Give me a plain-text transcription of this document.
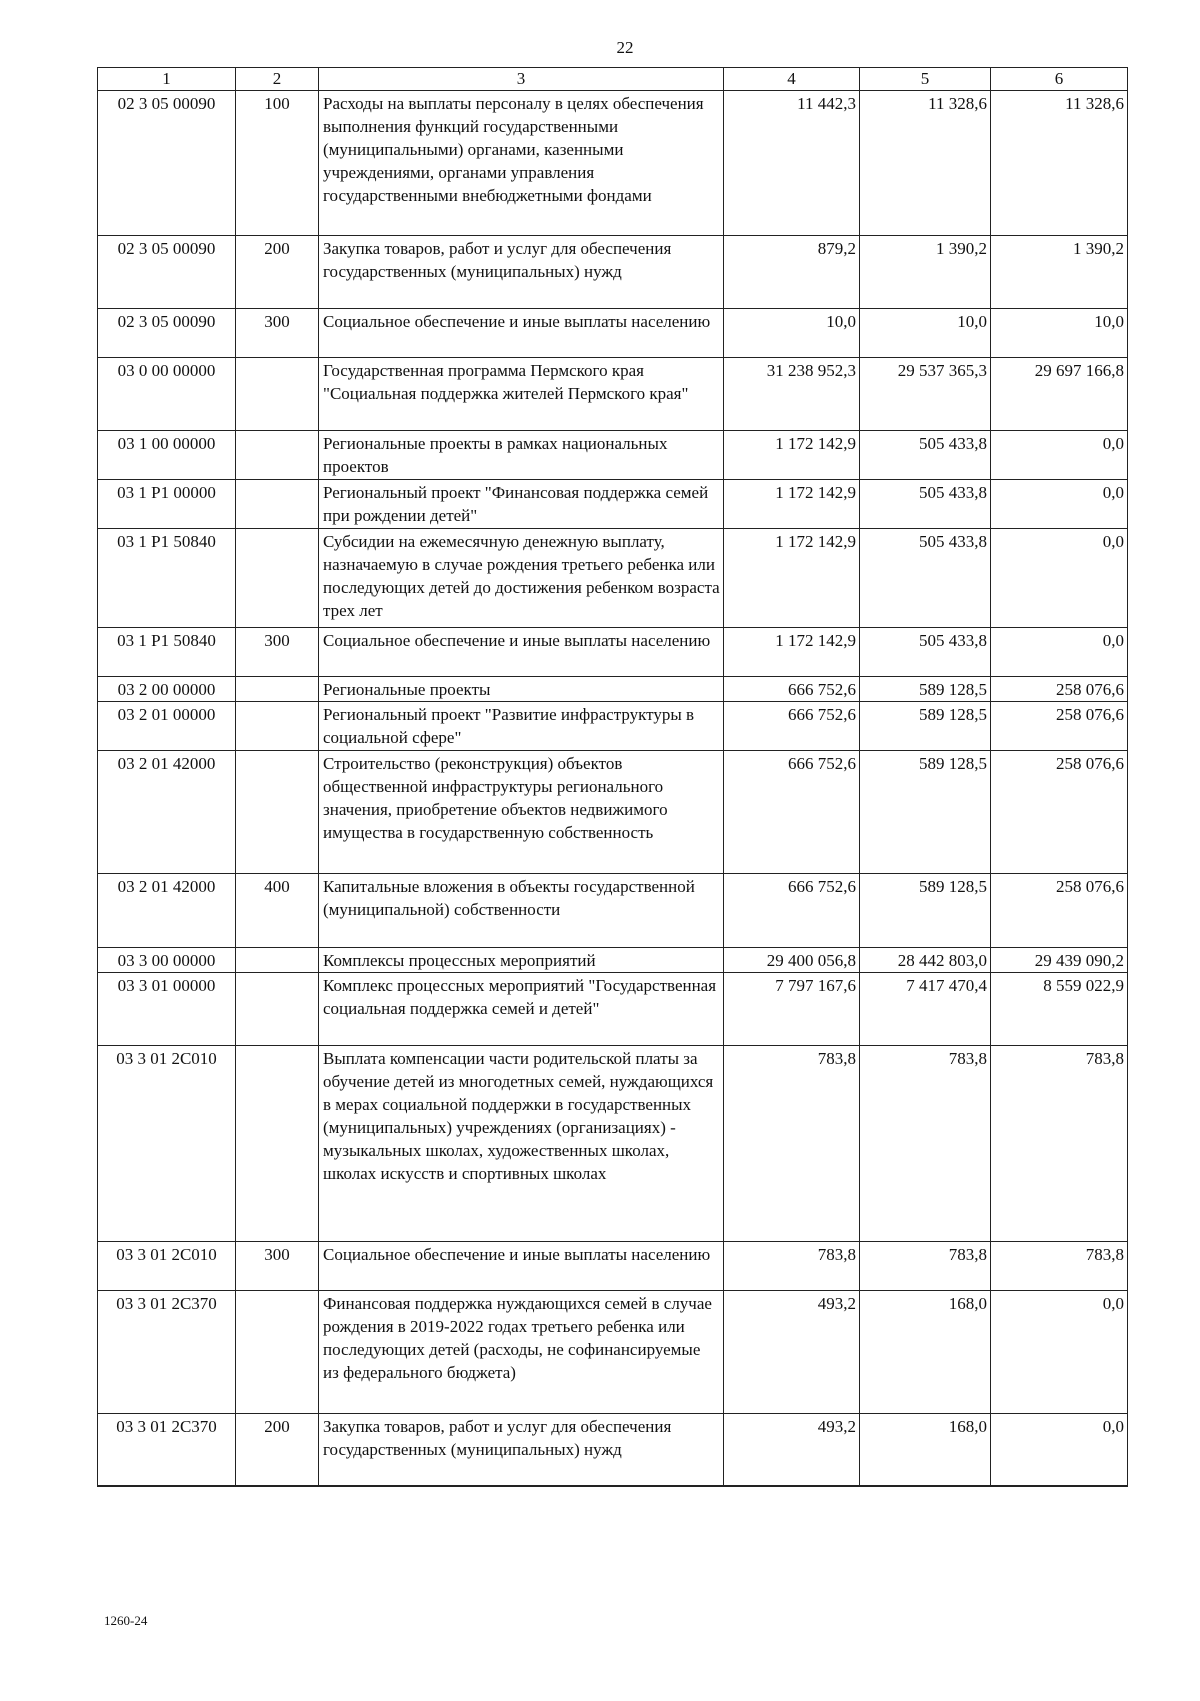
22
1	2	3	4	5	6
02 3 05 00090	100	Расходы на выплаты персоналу в целях обеспечения выполнения функций государственными (муниципальными) органами, казенными учреждениями, органами управления государственными внебюджетными фондами	11 442,3	11 328,6	11 328,6
02 3 05 00090	200	Закупка товаров, работ и услуг для обеспечения государственных (муниципальных) нужд	879,2	1 390,2	1 390,2
02 3 05 00090	300	Социальное обеспечение и иные выплаты населению	10,0	10,0	10,0
03 0 00 00000		Государственная программа Пермского края "Социальная поддержка жителей Пермского края"	31 238 952,3	29 537 365,3	29 697 166,8
03 1 00 00000		Региональные проекты в рамках национальных проектов	1 172 142,9	505 433,8	0,0
03 1 P1 00000		Региональный проект "Финансовая поддержка семей при рождении детей"	1 172 142,9	505 433,8	0,0
03 1 P1 50840		Субсидии на ежемесячную денежную выплату, назначаемую в случае рождения третьего ребенка или последующих детей до достижения ребенком возраста трех лет	1 172 142,9	505 433,8	0,0
03 1 P1 50840	300	Социальное обеспечение и иные выплаты населению	1 172 142,9	505 433,8	0,0
03 2 00 00000		Региональные проекты	666 752,6	589 128,5	258 076,6
03 2 01 00000		Региональный проект "Развитие инфраструктуры в социальной сфере"	666 752,6	589 128,5	258 076,6
03 2 01 42000		Строительство (реконструкция) объектов общественной инфраструктуры регионального значения, приобретение объектов недвижимого имущества в государственную собственность	666 752,6	589 128,5	258 076,6
03 2 01 42000	400	Капитальные вложения в объекты государственной (муниципальной) собственности	666 752,6	589 128,5	258 076,6
03 3 00 00000		Комплексы процессных мероприятий	29 400 056,8	28 442 803,0	29 439 090,2
03 3 01 00000		Комплекс процессных мероприятий "Государственная социальная поддержка семей и детей"	7 797 167,6	7 417 470,4	8 559 022,9
03 3 01 2С010		Выплата компенсации части родительской платы за обучение детей из многодетных семей, нуждающихся в мерах социальной поддержки в государственных (муниципальных) учреждениях (организациях) - музыкальных школах, художественных школах, школах искусств и спортивных школах	783,8	783,8	783,8
03 3 01 2С010	300	Социальное обеспечение и иные выплаты населению	783,8	783,8	783,8
03 3 01 2С370		Финансовая поддержка нуждающихся семей в случае рождения в 2019-2022 годах третьего ребенка или последующих детей (расходы, не софинансируемые из федерального бюджета)	493,2	168,0	0,0
03 3 01 2С370	200	Закупка товаров, работ и услуг для обеспечения государственных (муниципальных) нужд	493,2	168,0	0,0
1260-24
